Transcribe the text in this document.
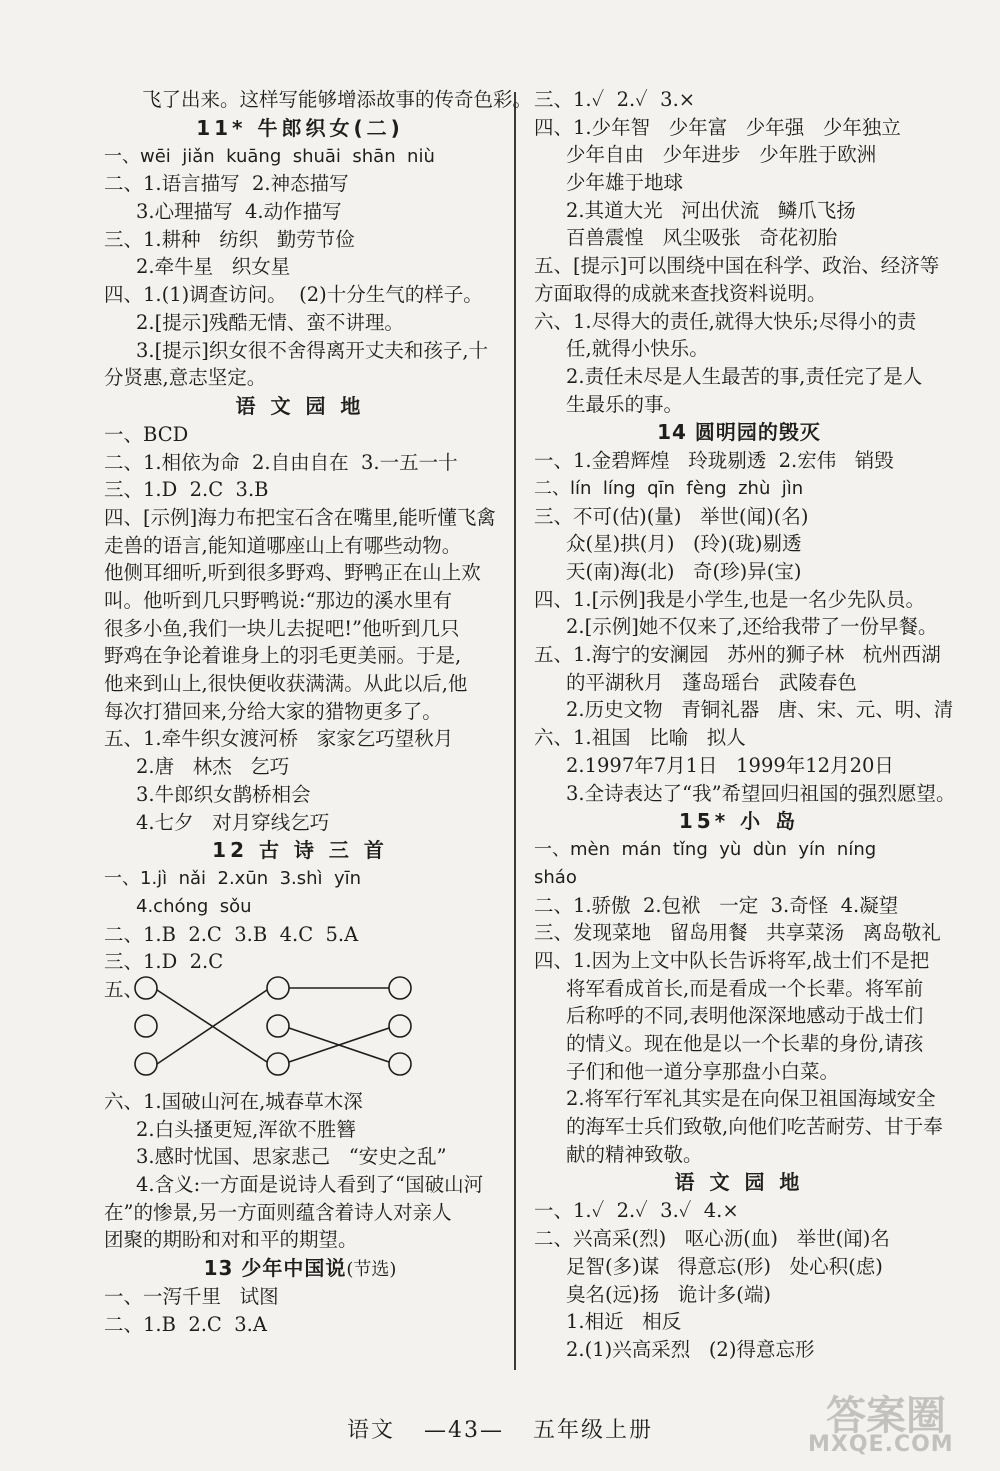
飞了出来。这样写能够增添故事的传奇色彩。
11* 牛郎织女(二)
一、wēi  jiǎn  kuāng  shuāi  shān  niù
二、1.语言描写  2.神态描写
3.心理描写  4.动作描写
三、1.耕种   纺织   勤劳节俭
2.牵牛星   织女星
四、1.(1)调查访问。  (2)十分生气的样子。
2.[提示]残酷无情、蛮不讲理。
3.[提示]织女很不舍得离开丈夫和孩子,十
分贤惠,意志坚定。
语 文 园 地
一、BCD
二、1.相依为命  2.自由自在  3.一五一十
三、1.D  2.C  3.B
四、[示例]海力布把宝石含在嘴里,能听懂飞禽
走兽的语言,能知道哪座山上有哪些动物。
他侧耳细听,听到很多野鸡、野鸭正在山上欢
叫。他听到几只野鸭说:“那边的溪水里有
很多小鱼,我们一块儿去捉吧!”他听到几只
野鸡在争论着谁身上的羽毛更美丽。于是,
他来到山上,很快便收获满满。从此以后,他
每次打猎回来,分给大家的猎物更多了。
五、1.牵牛织女渡河桥   家家乞巧望秋月
2.唐   林杰   乞巧
3.牛郎织女鹊桥相会
4.七夕   对月穿线乞巧
12 古 诗 三 首
一、1.jì  nǎi  2.xūn  3.shì  yīn
4.chóng  sǒu
二、1.B  2.C  3.B  4.C  5.A
三、1.D  2.C
五、
六、1.国破山河在,城春草木深
2.白头搔更短,浑欲不胜簪
3.感时忧国、思家悲己   “安史之乱”
4.含义:一方面是说诗人看到了“国破山河
在”的惨景,另一方面则蕴含着诗人对亲人
团聚的期盼和对和平的期望。
13 少年中国说(节选)
一、一泻千里   试图
二、1.B  2.C  3.A
三、1.✓  2.✓  3.×
四、1.少年智   少年富   少年强   少年独立
少年自由   少年进步   少年胜于欧洲
少年雄于地球
2.其道大光   河出伏流   鳞爪飞扬
百兽震惶   风尘吸张   奇花初胎
五、[提示]可以围绕中国在科学、政治、经济等
方面取得的成就来查找资料说明。
六、1.尽得大的责任,就得大快乐;尽得小的责
任,就得小快乐。
2.责任未尽是人生最苦的事,责任完了是人
生最乐的事。
14 圆明园的毁灭
一、1.金碧辉煌   玲珑剔透  2.宏伟   销毁
二、lín  líng  qīn  fèng  zhù  jìn
三、不可(估)(量)   举世(闻)(名)
众(星)拱(月)   (玲)(珑)剔透
天(南)海(北)   奇(珍)异(宝)
四、1.[示例]我是小学生,也是一名少先队员。
2.[示例]她不仅来了,还给我带了一份早餐。
五、1.海宁的安澜园   苏州的狮子林   杭州西湖
的平湖秋月   蓬岛瑶台   武陵春色
2.历史文物   青铜礼器   唐、宋、元、明、清
六、1.祖国   比喻   拟人
2.1997年7月1日   1999年12月20日
3.全诗表达了“我”希望回归祖国的强烈愿望。
15* 小 岛
一、mèn  mán  tǐng  yù  dùn  yín  níng
sháo
二、1.骄傲  2.包袱   一定  3.奇怪  4.凝望
三、发现菜地   留岛用餐   共享菜汤   离岛敬礼
四、1.因为上文中队长告诉将军,战士们不是把
将军看成首长,而是看成一个长辈。将军前
后称呼的不同,表明他深深地感动于战士们
的情义。现在他是以一个长辈的身份,请孩
子们和他一道分享那盘小白菜。
2.将军行军礼其实是在向保卫祖国海域安全
的海军士兵们致敬,向他们吃苦耐劳、甘于奉
献的精神致敬。
语 文 园 地
一、1.✓  2.✓  3.✓  4.×
二、兴高采(烈)   呕心沥(血)   举世(闻)名
足智(多)谋   得意忘(形)   处心积(虑)
臭名(远)扬   诡计多(端)
1.相近   相反
2.(1)兴高采烈   (2)得意忘形
语文 —43— 五年级上册	答案圈
MXQE.COM
